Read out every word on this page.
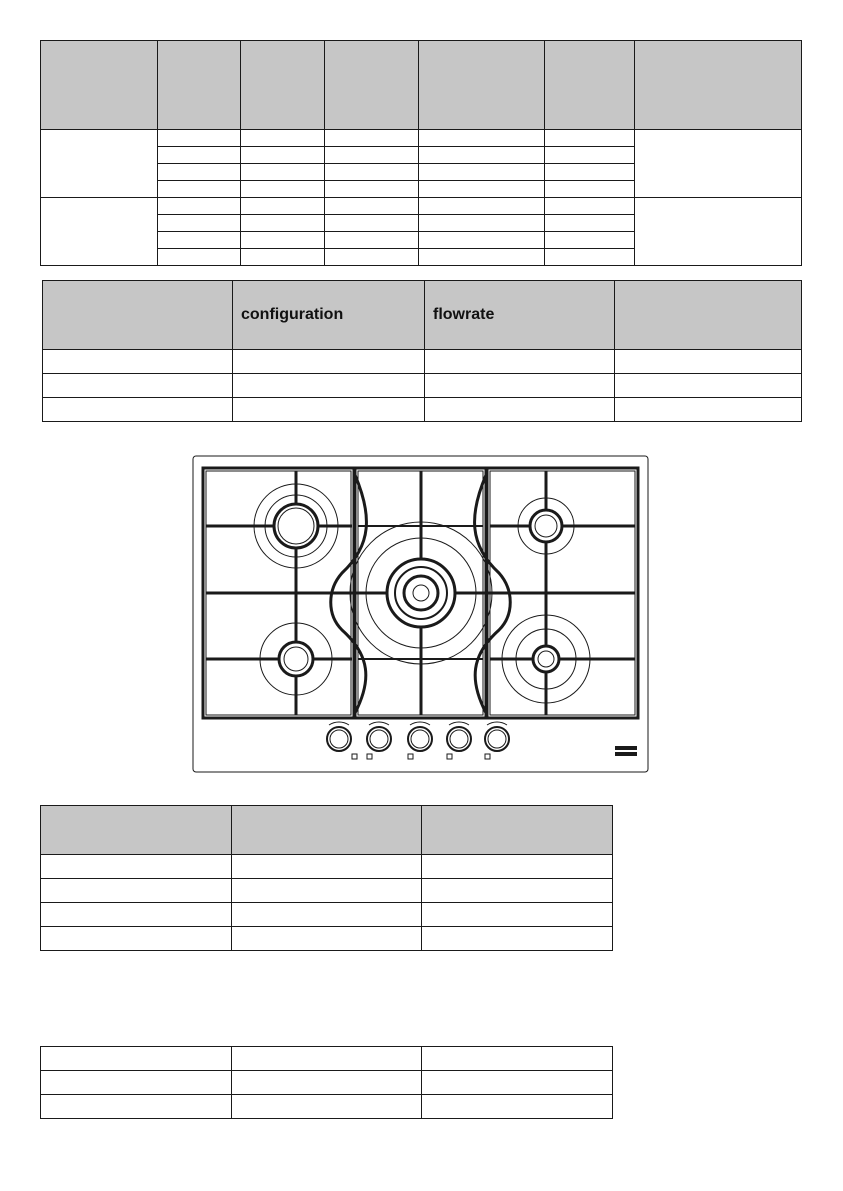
	configuration	flowrate	
